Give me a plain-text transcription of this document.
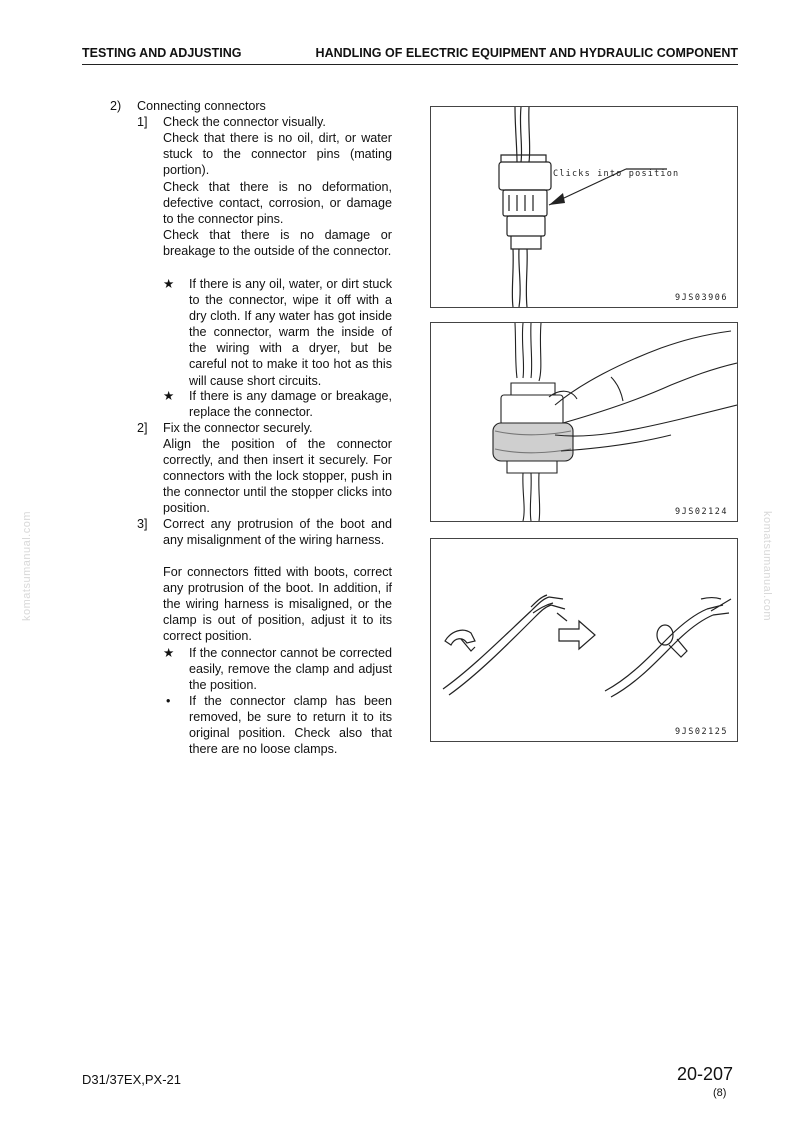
TESTING AND ADJUSTING	HANDLING OF ELECTRIC EQUIPMENT AND HYDRAULIC COMPONENT
komatsumanual.com	komatsumanual.com
2) Connecting connectors
1] Check the connector visually.
Check that there is no oil, dirt, or water stuck to the connector pins (mating portion).
Check that there is no deformation, defective contact, corrosion, or damage to the connector pins.
Check that there is no damage or breakage to the outside of the connector.
★ If there is any oil, water, or dirt stuck to the connector, wipe it off with a dry cloth. If any water has got inside the connector, warm the inside of the wiring with a dryer, but be careful not to make it too hot as this will cause short circuits.
★ If there is any damage or breakage, replace the connector.
2] Fix the connector securely.
Align the position of the connector correctly, and then insert it securely. For connectors with the lock stopper, push in the connector until the stopper clicks into position.
3] Correct any protrusion of the boot and any misalignment of the wiring harness.
For connectors fitted with boots, correct any protrusion of the boot. In addition, if the wiring harness is misaligned, or the clamp is out of position, adjust it to its correct position.
★ If the connector cannot be corrected easily, remove the clamp and adjust the position.
• If the connector clamp has been removed, be sure to return it to its original position. Check also that there are no loose clamps.
Clicks into position
9JS03906
9JS02124
9JS02125
D31/37EX,PX-21	20-207
(8)
